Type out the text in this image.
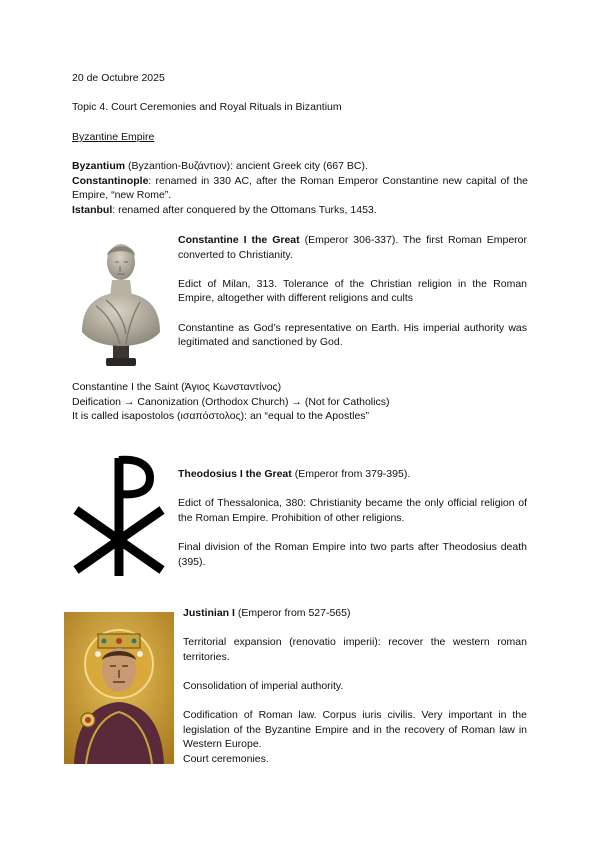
20 de Octubre 2025

Topic 4. Court Ceremonies and Royal Rituals in Bizantium

Byzantine Empire

Byzantium (Byzantion-Βυζάντιον): ancient Greek city (667 BC).
Constantinople: renamed in 330 AC, after the Roman Emperor Constantine new capital of the Empire, “new Rome”.
Istanbul: renamed after conquered by the Ottomans Turks, 1453.
Constantine I the Great (Emperor 306-337). The first Roman Emperor converted to Christianity.
Edict of Milan, 313. Tolerance of the Christian religion in the Roman Empire, altogether with different religions and cults
Constantine as God’s representative on Earth. His imperial authority was legitimated and sanctioned by God.
Constantine I the Saint (Άγιος Κωνσταντίνος)
Deification → Canonization (Orthodox Church) → (Not for Catholics)
It is called isapostolos (ισαπόστολος): an “equal to the Apostles”
Theodosius I the Great (Emperor from 379-395).
Edict of Thessalonica, 380: Christianity became the only official religion of the Roman Empire. Prohibition of other religions.
Final division of the Roman Empire into two parts after Theodosius death (395).
Justinian I (Emperor from 527-565)
Territorial expansion (renovatio imperii): recover the western roman territories.
Consolidation of imperial authority.
Codification of Roman law. Corpus iuris civilis. Very important in the legislation of the Byzantine Empire and in the recovery of Roman law in Western Europe.
Court ceremonies.
